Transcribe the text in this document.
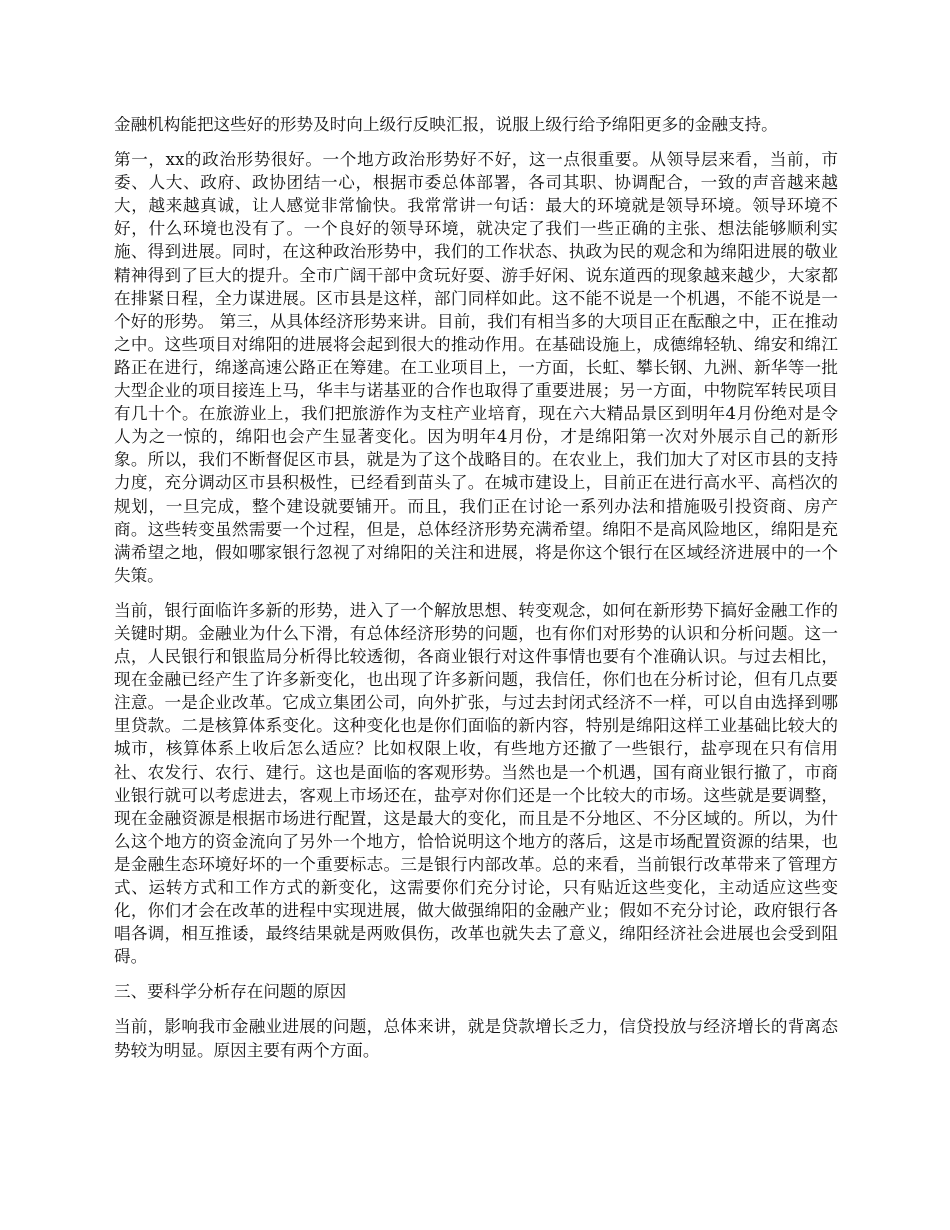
金融机构能把这些好的形势及时向上级行反映汇报，说服上级行给予绵阳更多的金融支持。

第一，xx的政治形势很好。一个地方政治形势好不好，这一点很重要。从领导层来看，当前，市委、人大、政府、政协团结一心，根据市委总体部署，各司其职、协调配合，一致的声音越来越大，越来越真诚，让人感觉非常愉快。我常常讲一句话：最大的环境就是领导环境。领导环境不好，什么环境也没有了。一个良好的领导环境，就决定了我们一些正确的主张、想法能够顺利实施、得到进展。同时，在这种政治形势中，我们的工作状态、执政为民的观念和为绵阳进展的敬业精神得到了巨大的提升。全市广阔干部中贪玩好耍、游手好闲、说东道西的现象越来越少，大家都在排紧日程，全力谋进展。区市县是这样，部门同样如此。这不能不说是一个机遇，不能不说是一个好的形势。 第三，从具体经济形势来讲。目前，我们有相当多的大项目正在酝酿之中，正在推动之中。这些项目对绵阳的进展将会起到很大的推动作用。在基础设施上，成德绵轻轨、绵安和绵江路正在进行，绵遂高速公路正在筹建。在工业项目上，一方面，长虹、攀长钢、九洲、新华等一批大型企业的项目接连上马，华丰与诺基亚的合作也取得了重要进展；另一方面，中物院军转民项目有几十个。在旅游业上，我们把旅游作为支柱产业培育，现在六大精品景区到明年4月份绝对是令人为之一惊的，绵阳也会产生显著变化。因为明年4月份，才是绵阳第一次对外展示自己的新形象。所以，我们不断督促区市县，就是为了这个战略目的。在农业上，我们加大了对区市县的支持力度，充分调动区市县积极性，已经看到苗头了。在城市建设上，目前正在进行高水平、高档次的规划，一旦完成，整个建设就要铺开。而且，我们正在讨论一系列办法和措施吸引投资商、房产商。这些转变虽然需要一个过程，但是，总体经济形势充满希望。绵阳不是高风险地区，绵阳是充满希望之地，假如哪家银行忽视了对绵阳的关注和进展，将是你这个银行在区域经济进展中的一个失策。

当前，银行面临许多新的形势，进入了一个解放思想、转变观念，如何在新形势下搞好金融工作的关键时期。金融业为什么下滑，有总体经济形势的问题，也有你们对形势的认识和分析问题。这一点，人民银行和银监局分析得比较透彻，各商业银行对这件事情也要有个准确认识。与过去相比，现在金融已经产生了许多新变化，也出现了许多新问题，我信任，你们也在分析讨论，但有几点要注意。一是企业改革。它成立集团公司，向外扩张，与过去封闭式经济不一样，可以自由选择到哪里贷款。二是核算体系变化。这种变化也是你们面临的新内容，特别是绵阳这样工业基础比较大的城市，核算体系上收后怎么适应？比如权限上收，有些地方还撤了一些银行，盐亭现在只有信用社、农发行、农行、建行。这也是面临的客观形势。当然也是一个机遇，国有商业银行撤了，市商业银行就可以考虑进去，客观上市场还在，盐亭对你们还是一个比较大的市场。这些就是要调整，现在金融资源是根据市场进行配置，这是最大的变化，而且是不分地区、不分区域的。所以，为什么这个地方的资金流向了另外一个地方，恰恰说明这个地方的落后，这是市场配置资源的结果，也是金融生态环境好坏的一个重要标志。三是银行内部改革。总的来看，当前银行改革带来了管理方式、运转方式和工作方式的新变化，这需要你们充分讨论，只有贴近这些变化，主动适应这些变化，你们才会在改革的进程中实现进展，做大做强绵阳的金融产业；假如不充分讨论，政府银行各唱各调，相互推诿，最终结果就是两败俱伤，改革也就失去了意义，绵阳经济社会进展也会受到阻碍。

三、要科学分析存在问题的原因

当前，影响我市金融业进展的问题，总体来讲，就是贷款增长乏力，信贷投放与经济增长的背离态势较为明显。原因主要有两个方面。
